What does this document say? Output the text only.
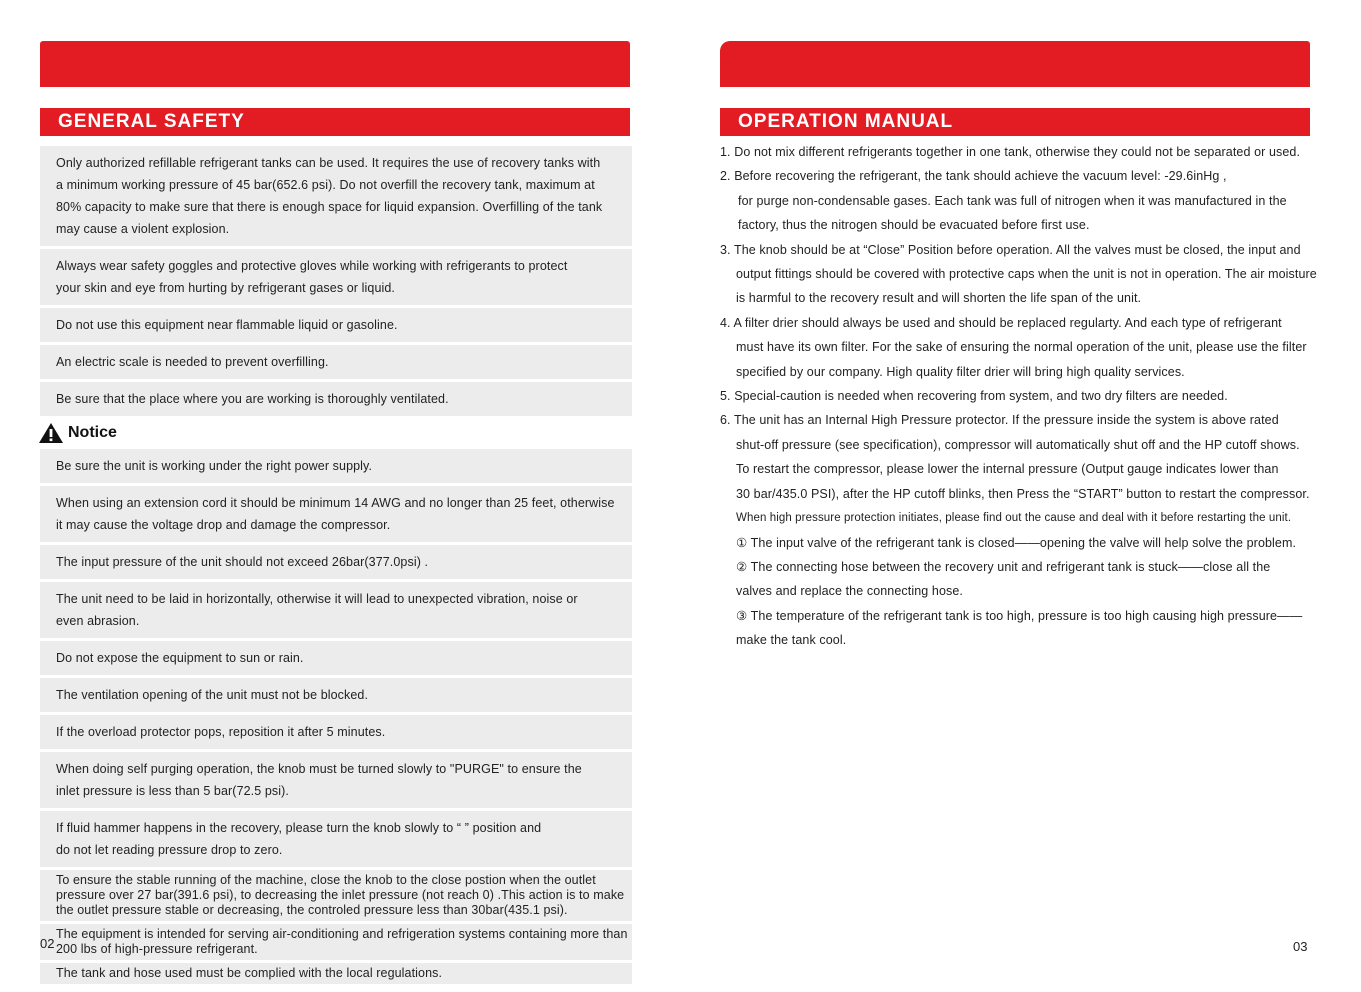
GENERAL SAFETY
Only authorized refillable refrigerant tanks can be used. It requires the use of recovery tanks with
a minimum working pressure of 45 bar(652.6 psi). Do not overfill the recovery tank, maximum at
80% capacity to make sure that there is enough space for liquid expansion. Overfilling of the tank
may cause a violent explosion.
Always wear safety goggles and protective gloves while working with refrigerants to protect
your skin and eye from hurting by refrigerant gases or liquid.
Do not use this equipment near flammable liquid or gasoline.
An electric scale is needed to prevent overfilling.
Be sure that the place where you are working is thoroughly ventilated.
Notice
Be sure the unit is working under the right power supply.
When using an extension cord it should be minimum 14 AWG and no longer than 25 feet, otherwise
it may cause the voltage drop and damage the compressor.
The input pressure of the unit should not exceed 26bar(377.0psi) .
The unit need to be laid in horizontally, otherwise it will lead to unexpected vibration, noise or
even abrasion.
Do not expose the equipment to sun or rain.
The ventilation opening of the unit must not be blocked.
If the overload protector pops, reposition it after 5 minutes.
When doing self purging operation, the knob must be turned slowly to "PURGE" to ensure the
inlet pressure is less than 5 bar(72.5 psi).
If fluid hammer happens in the recovery, please turn the knob slowly to “ ” position and
do not let reading pressure drop to zero.
To ensure the stable running of the machine, close the knob to the close postion when the outlet
pressure over 27 bar(391.6 psi), to decreasing the inlet pressure (not reach 0) .This action is to make
the outlet pressure stable or decreasing, the controled pressure less than 30bar(435.1 psi).
The equipment is intended for serving air-conditioning and refrigeration systems containing more than
200 lbs of high-pressure refrigerant.
The tank and hose used must be complied with the local regulations.
02
OPERATION MANUAL
1. Do not mix different refrigerants together in one tank, otherwise they could not be separated or used.
2. Before recovering the refrigerant, the tank should achieve the vacuum level: -29.6inHg ,
for purge non-condensable gases. Each tank was full of nitrogen when it was manufactured in the
factory, thus the nitrogen should be evacuated before first use.
3. The knob should be at “Close” Position before operation. All the valves must be closed, the input and
output fittings should be covered with protective caps when the unit is not in operation. The air moisture
is harmful to the recovery result and will shorten the life span of the unit.
4. A filter drier should always be used and should be replaced regularty. And each type of refrigerant
must have its own filter. For the sake of ensuring the normal operation of the unit, please use the filter
specified by our company. High quality filter drier will bring high quality services.
5. Special-caution is needed when recovering from system, and two dry filters are needed.
6. The unit has an Internal High Pressure protector. If the pressure inside the system is above rated
shut-off pressure (see specification), compressor will automatically shut off and the HP cutoff shows.
To restart the compressor, please lower the internal pressure (Output gauge indicates lower than
30 bar/435.0 PSI), after the HP cutoff blinks, then Press the “START” button to restart the compressor.
When high pressure protection initiates, please find out the cause and deal with it before restarting the unit.
① The input valve of the refrigerant tank is closed——opening the valve will help solve the problem.
② The connecting hose between the recovery unit and refrigerant tank is stuck——close all the
valves and replace the connecting hose.
③ The temperature of the refrigerant tank is too high, pressure is too high causing high pressure——
make the tank cool.
03
